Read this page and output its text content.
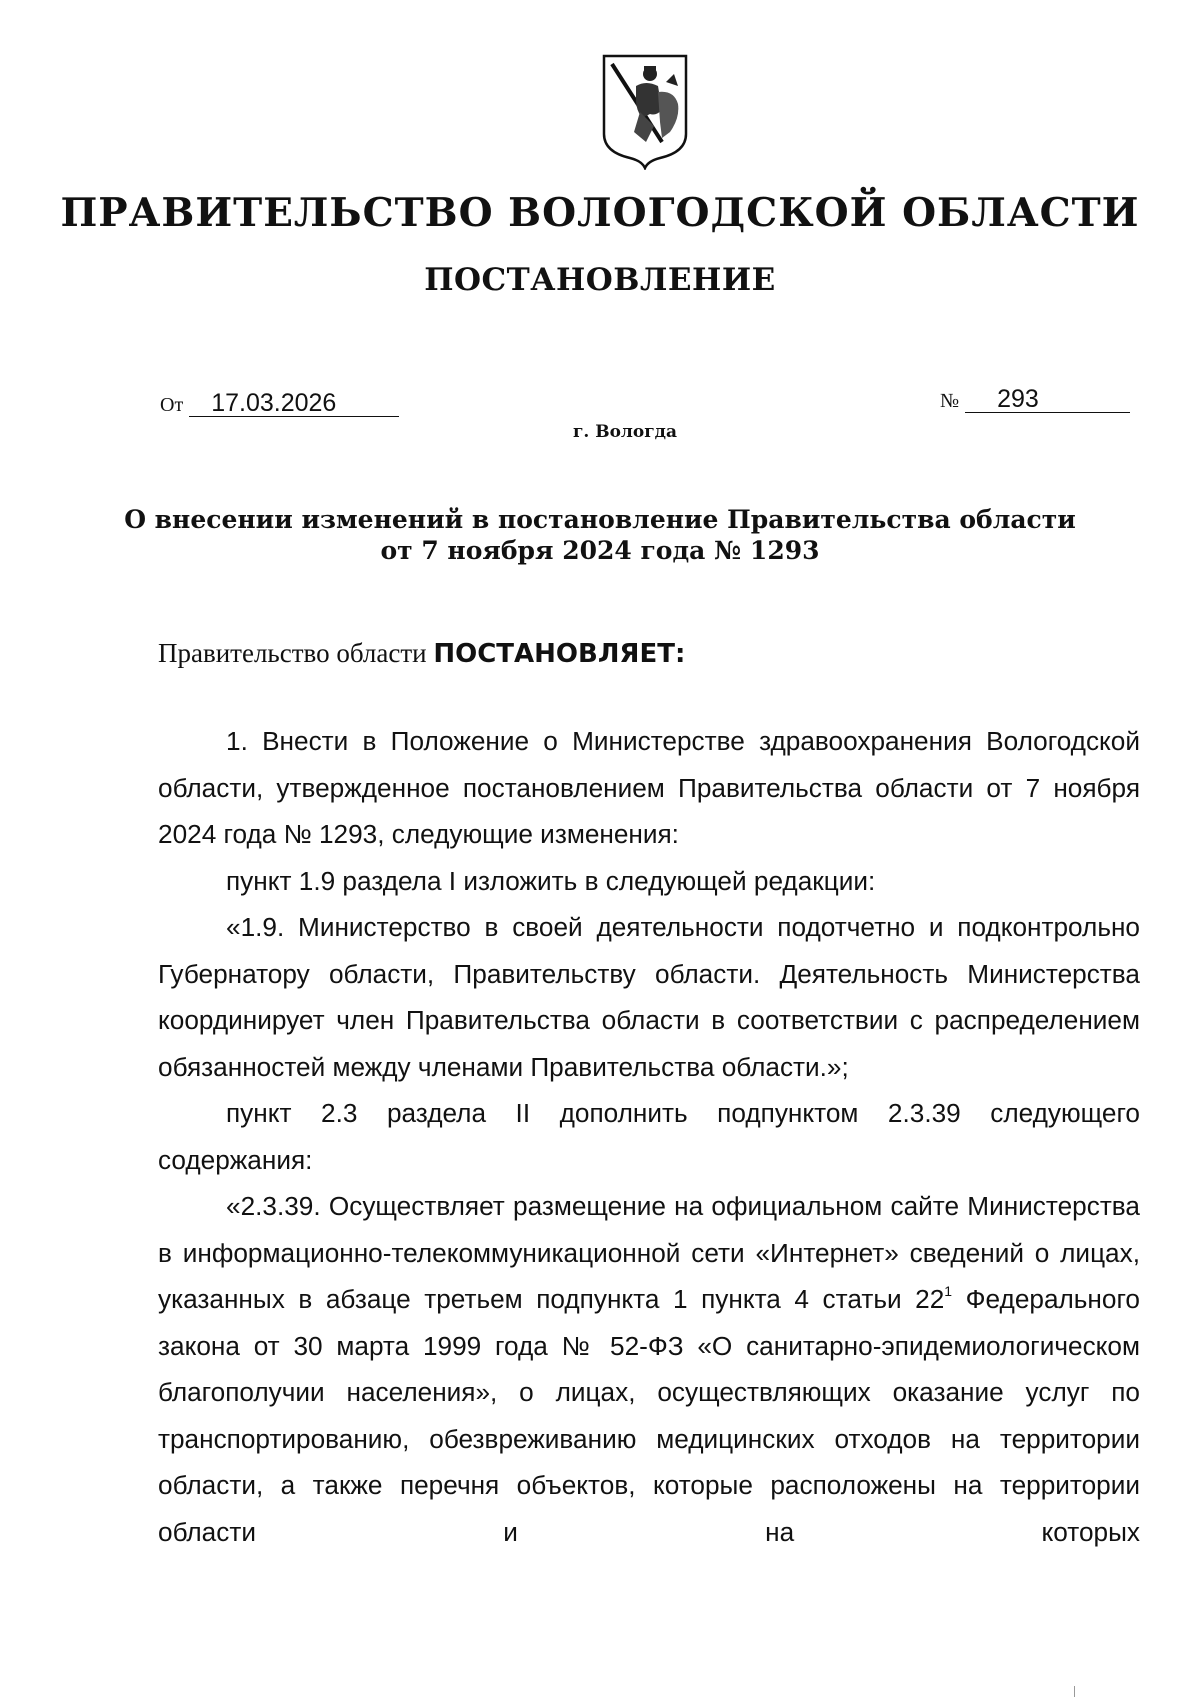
ПРАВИТЕЛЬСТВО ВОЛОГОДСКОЙ ОБЛАСТИ
ПОСТАНОВЛЕНИЕ
От 17.03.2026	№ 293
г. Вологда
О внесении изменений в постановление Правительства области
от 7 ноября 2024 года № 1293
Правительство области ПОСТАНОВЛЯЕТ:

1. Внести в Положение о Министерстве здравоохранения Вологодской области, утвержденное постановлением Правительства области от 7 ноября 2024 года № 1293, следующие изменения:

пункт 1.9 раздела I изложить в следующей редакции:

«1.9. Министерство в своей деятельности подотчетно и подконтрольно Губернатору области, Правительству области. Деятельность Министерства координирует член Правительства области в соответствии с распределением обязанностей между членами Правительства области.»;

пункт 2.3 раздела II дополнить подпунктом 2.3.39 следующего содержания:

«2.3.39. Осуществляет размещение на официальном сайте Министерства в информационно-телекоммуникационной сети «Интернет» сведений о лицах, указанных в абзаце третьем подпункта 1 пункта 4 статьи $22^1$ Федерального закона от 30 марта 1999 года № 52-ФЗ «О санитарно-эпидемиологическом благополучии населения», о лицах, осуществляющих оказание услуг по транспортированию, обезвреживанию медицинских отходов на территории области, а также перечня объектов, которые расположены на территории области и на которых
